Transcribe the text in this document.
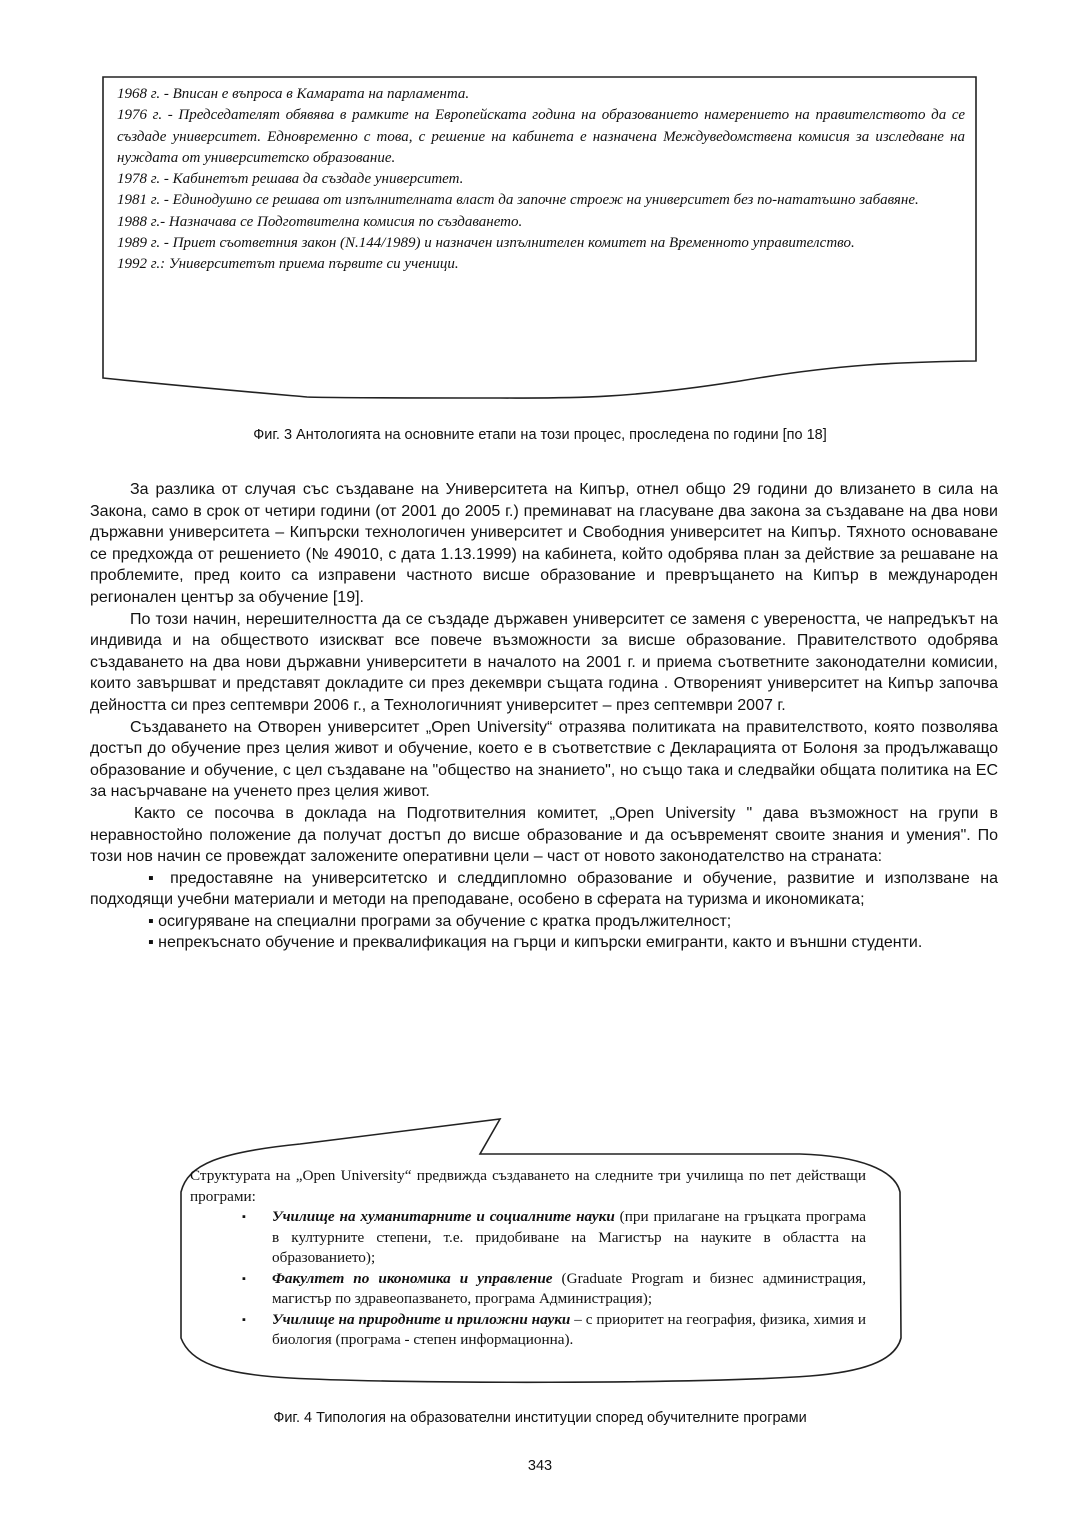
1968 г. - Вписан е въпроса в Камарата на парламента.

1976 г. - Председателят обявява в рамките на Европейската година на образованието намерението на правителството да се създаде университет. Едновременно с това, с решение на кабинета е назначена Междуведомствена комисия за изследване на нуждата от университетско образование.

1978 г. - Кабинетът решава да създаде университет.

1981 г. - Единодушно се решава от изпълнителната власт да започне строеж на университет без по-нататъшно забавяне.

1988 г.- Назначава се Подготвителна комисия по създаването.

1989 г. - Приет съответния закон (N.144/1989) и назначен изпълнителен комитет на Временното управителство.

1992 г.: Университетът приема първите си ученици.

Фиг. 3 Антологията на основните етапи на този процес, проследена по години [по 18]

За разлика от случая със създаване на Университета на Кипър, отнел общо 29 години до влизането в сила на Закона, само в срок от четири години (от 2001 до 2005 г.) преминават на гласуване два закона за създаване на два нови държавни университета – Кипърски технологичен университет и Свободния университет на Кипър. Тяхното основаване се предхожда от решението (№ 49010, с дата 1.13.1999) на кабинета, който одобрява план за действие за решаване на проблемите, пред които са изправени частното висше образование и превръщането на Кипър в международен регионален център за обучение [19].

По този начин, нерешителността да се създаде държавен университет се заменя с увереността, че напредъкът на индивида и на обществото изискват все повече възможности за висше образование. Правителството одобрява създаването на два нови държавни университети в началото на 2001 г. и приема съответните законодателни комисии, които завършват и представят докладите си през декември същата година . Отвореният университет на Кипър започва дейността си през септември 2006 г., а Технологичният университет – през септември 2007 г.

Създаването на Отворен университет „Open University“ отразява политиката на правителството, която позволява достъп до обучение през целия живот и обучение, което е в съответствие с Декларацията от Болоня за продължаващо образование и обучение, с цел създаване на "общество на знанието", но също така и следвайки общата политика на ЕС за насърчаване на ученето през целия живот.

Както се посочва в доклада на Подготвителния комитет, „Open University " дава възможност на групи в неравностойно положение да получат достъп до висше образование и да осъвременят своите знания и умения". По този нов начин се провеждат заложените оперативни цели – част от новото законодателство на страната:

▪ предоставяне на университетско и следдипломно образование и обучение, развитие и използване на подходящи учебни материали и методи на преподаване, особено в сферата на туризма и икономиката;

▪ осигуряване на специални програми за обучение с кратка продължителност;

▪ непрекъснато обучение и преквалификация на гърци и кипърски емигранти, както и външни студенти.

Структурата на „Open University“ предвижда създаването на следните три училища по пет действащи програми:

▪ Училище на хуманитарните и социалните науки (при прилагане на гръцката програма в културните степени, т.е. придобиване на Магистър на науките в областта на образованието);
▪ Факултет по икономика и управление (Graduate Program и бизнес администрация, магистър по здравеопазването, програма Администрация);
▪ Училище на природните и приложни науки – с приоритет на география, физика, химия и биология (програма - степен информационна).
Фиг. 4 Типология на образователни институции според обучителните програми
343
